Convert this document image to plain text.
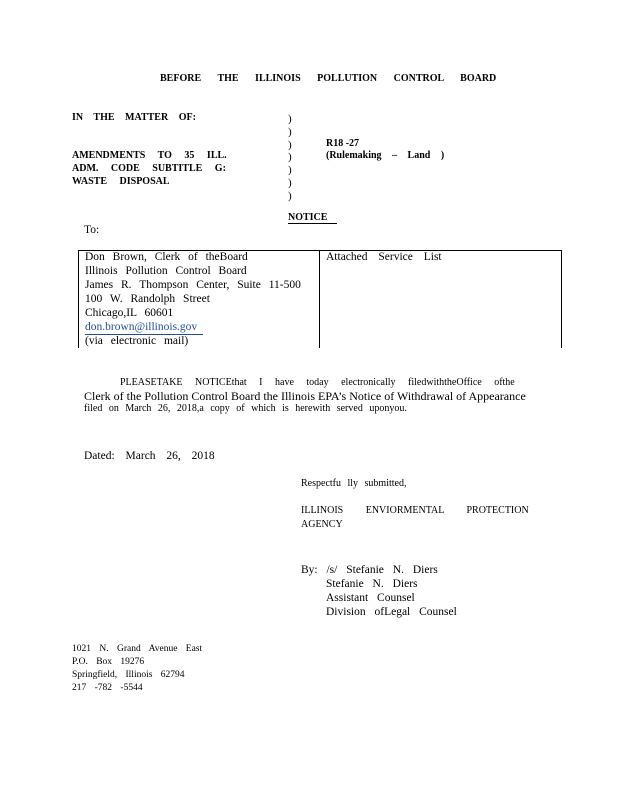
BEFORE THE ILLINOIS POLLUTION CONTROL BOARD
IN THE MATTER OF:	)
)
)
)
)
)
)
AMENDMENTS TO 35 ILL.
ADM. CODE SUBTITLE G:
WASTE DISPOSAL
R18 -27
(Rulemaking – Land )
NOTICE
To:
Don Brown, Clerk of theBoard
Illinois Pollution Control Board
James R. Thompson Center, Suite 11-500
100 W. Randolph Street
Chicago,IL 60601
don.brown@illinois.gov
(via electronic mail)
Attached Service List
PLEASETAKE NOTICEthat I have today electronically filedwiththeOffice ofthe
Clerk of the Pollution Control Board the Illinois EPA’s Notice of Withdrawal of Appearance
filed on March 26, 2018,a copy of which is herewith served uponyou.
Dated: March 26, 2018
Respectfu lly submitted,
ILLINOIS ENVIORMENTAL PROTECTION
AGENCY
By: /s/ Stefanie N. Diers
Stefanie N. Diers
Assistant Counsel
Division ofLegal Counsel
1021 N. Grand Avenue East
P.O. Box 19276
Springfield, Illinois 62794
217 -782 -5544
